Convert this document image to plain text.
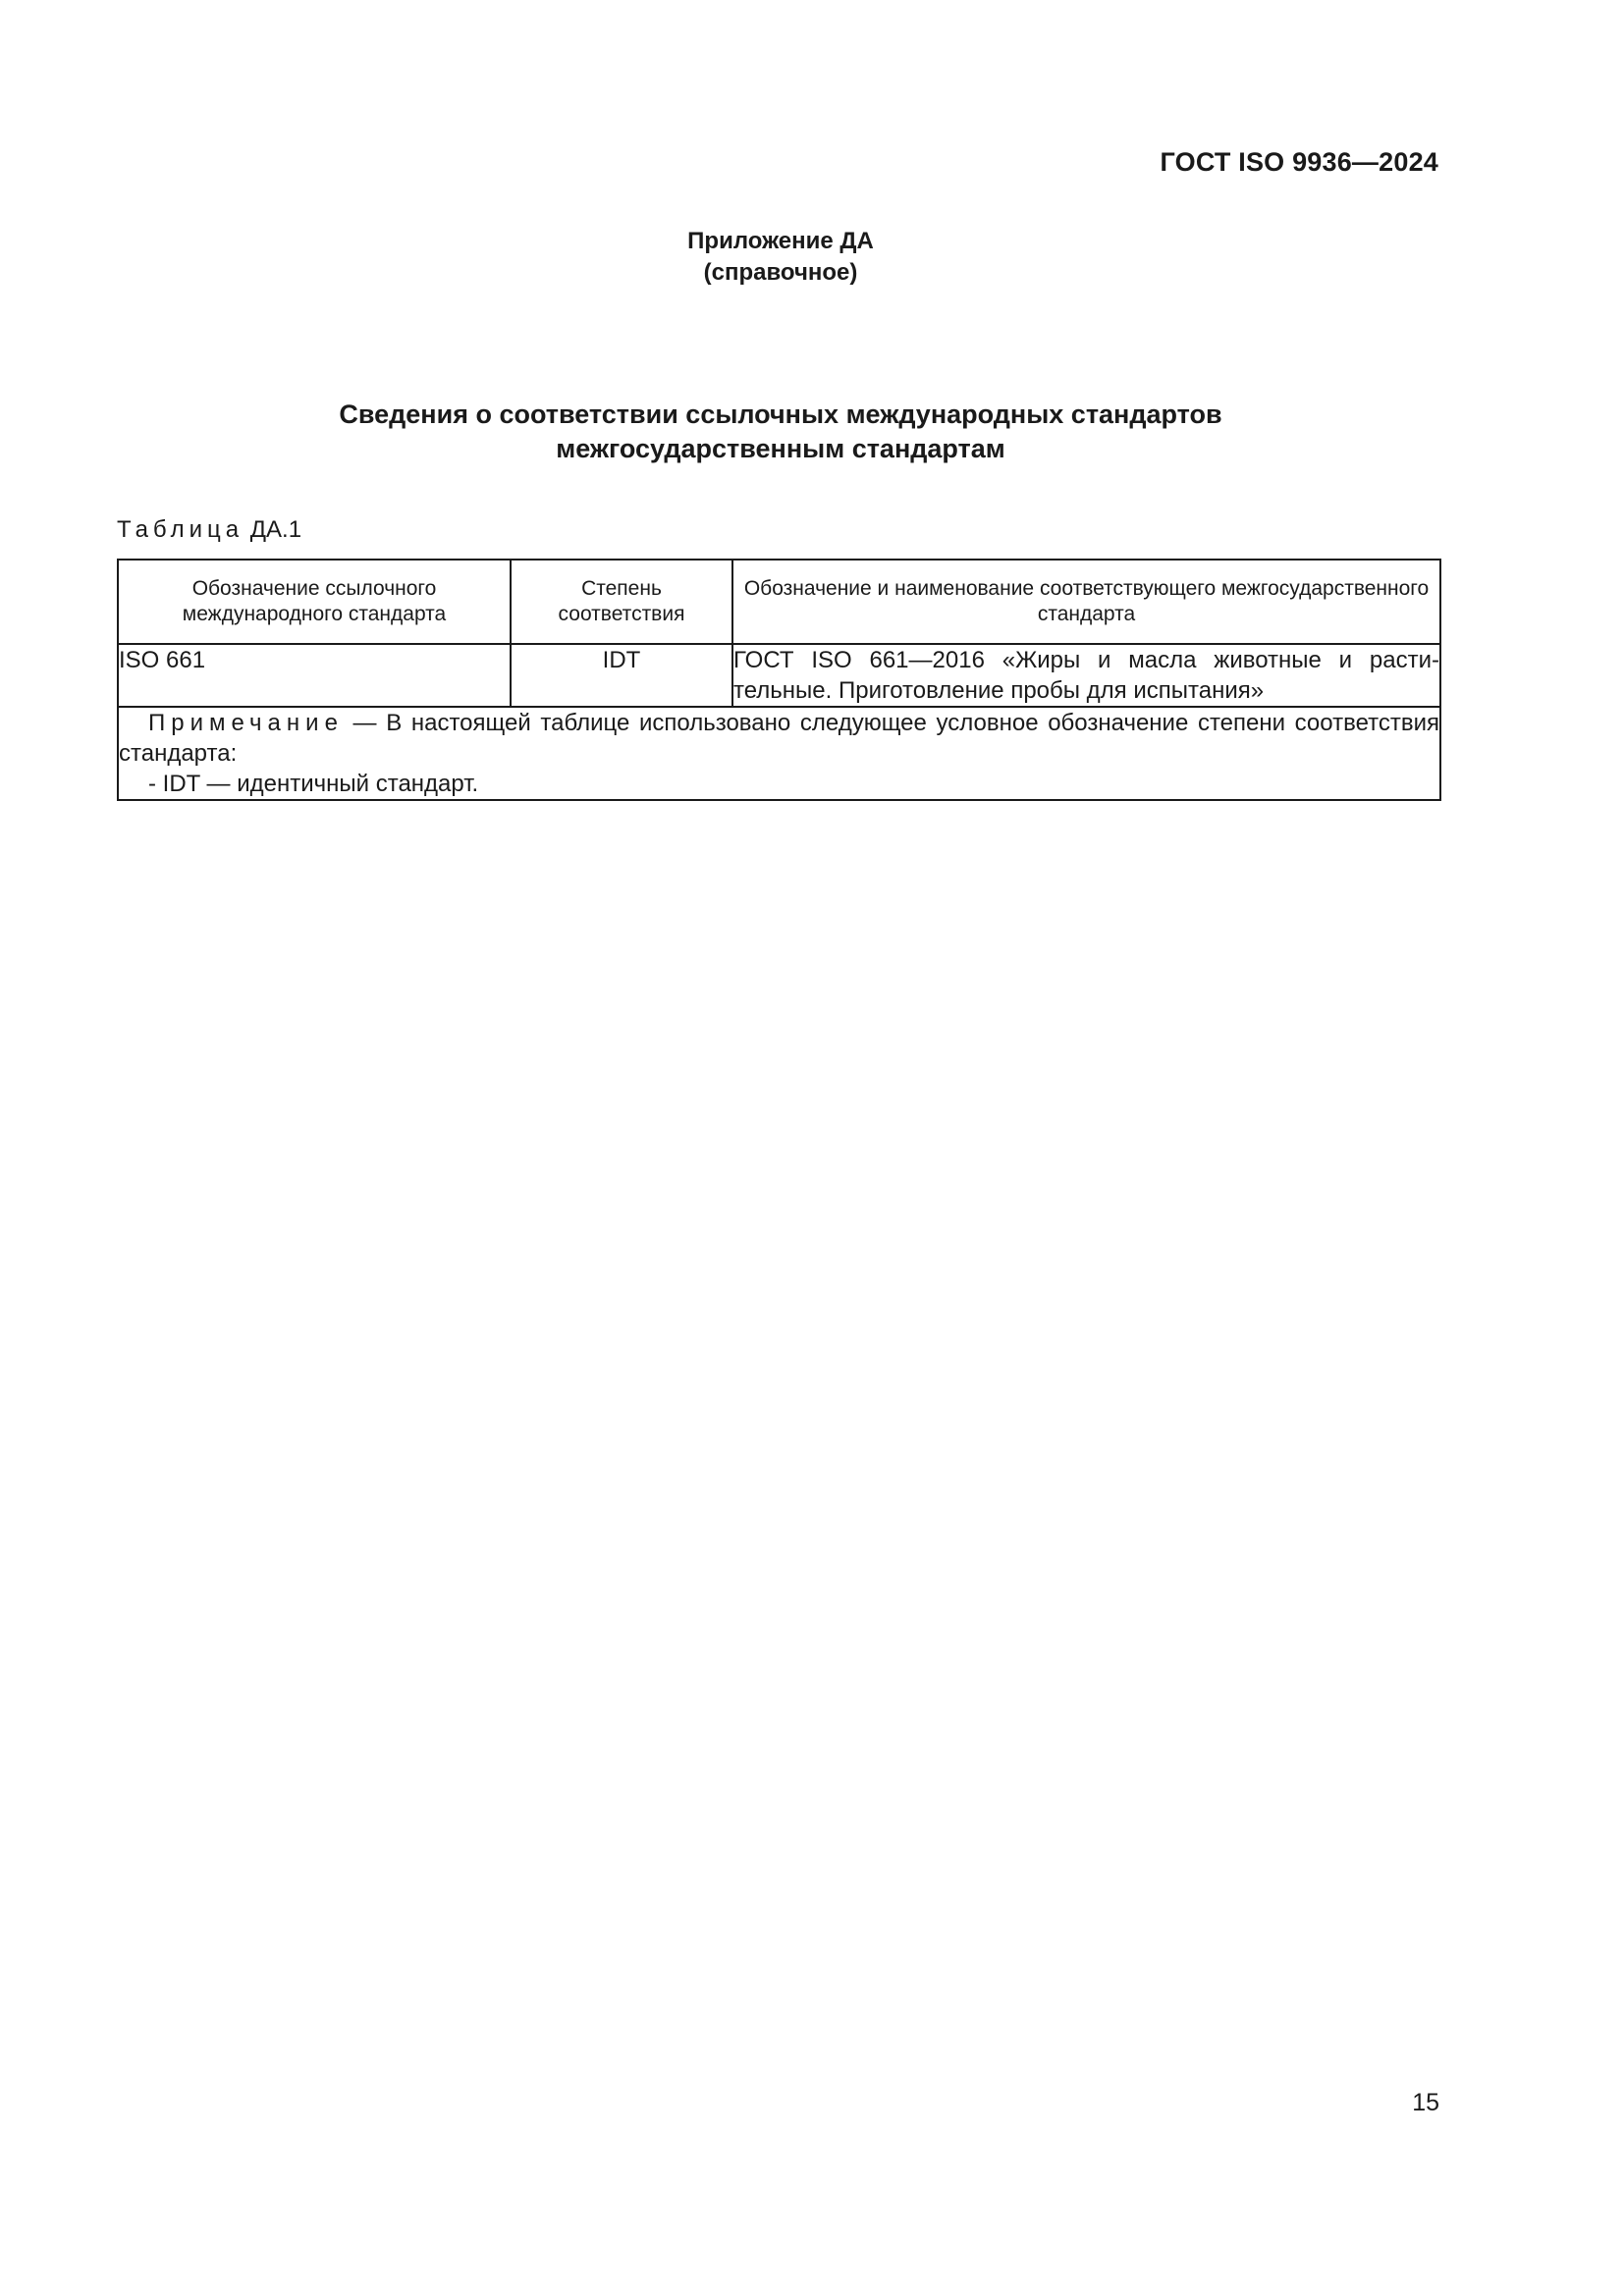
ГОСТ ISO 9936—2024
Приложение ДА
(справочное)
Сведения о соответствии ссылочных международных стандартов
межгосударственным стандартам
Таблица ДА.1
Обозначение ссылочного международного стандарта	Степень соответствия	Обозначение и наименование соответствующего межгосударственного стандарта
ISO 661	IDT	ГОСТ ISO 661—2016 «Жиры и масла животные и расти-тельные. Приготовление пробы для испытания»
Примечание — В настоящей таблице использовано следующее условное обозначение степени соответствия стандарта:
- IDT — идентичный стандарт.		
15
